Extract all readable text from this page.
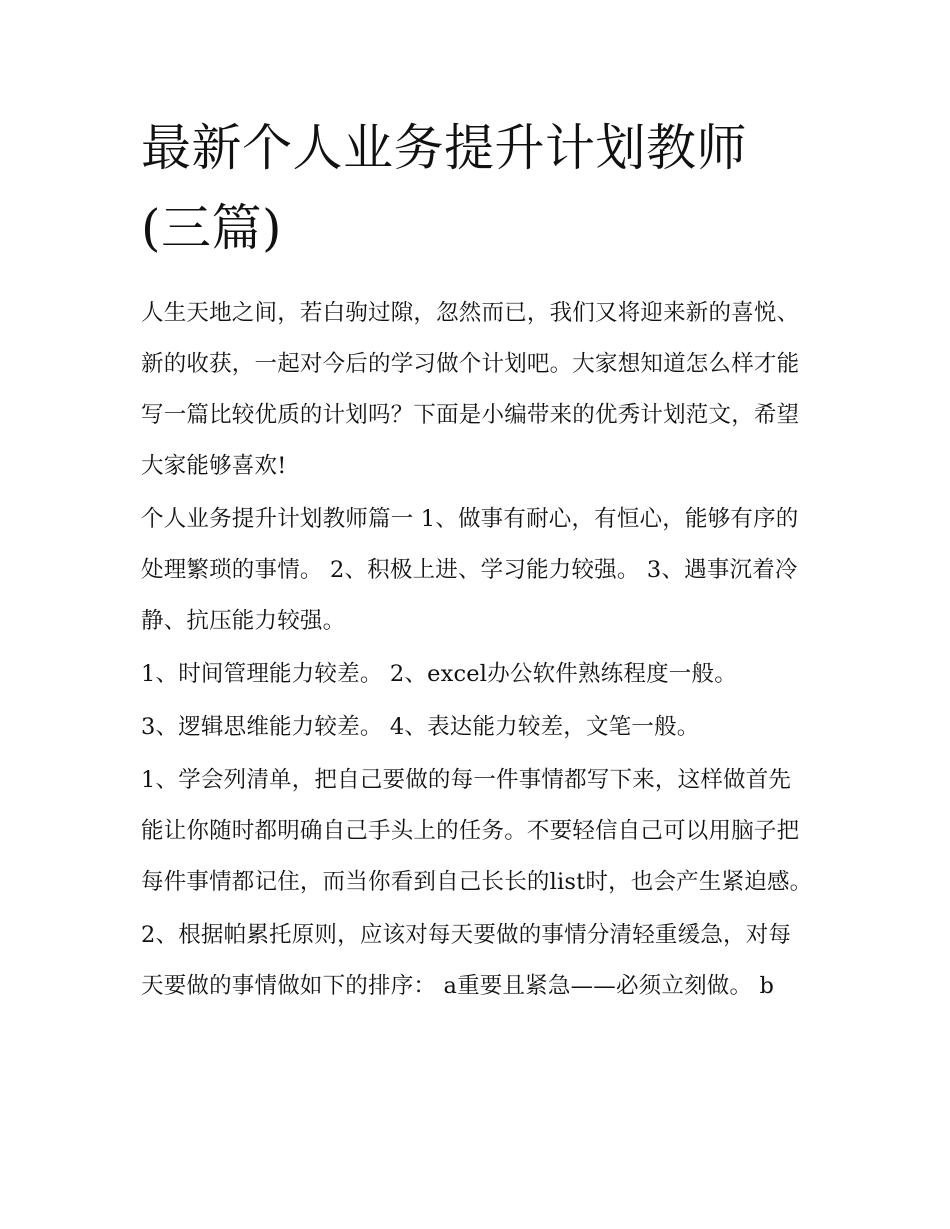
最新个人业务提升计划教师(三篇)

人生天地之间，若白驹过隙，忽然而已，我们又将迎来新的喜悦、新的收获，一起对今后的学习做个计划吧。大家想知道怎么样才能写一篇比较优质的计划吗？下面是小编带来的优秀计划范文，希望大家能够喜欢!

个人业务提升计划教师篇一 1、做事有耐心，有恒心，能够有序的处理繁琐的事情。 2、积极上进、学习能力较强。 3、遇事沉着冷静、抗压能力较强。

1、时间管理能力较差。 2、excel办公软件熟练程度一般。

3、逻辑思维能力较差。 4、表达能力较差，文笔一般。

1、学会列清单，把自己要做的每一件事情都写下来，这样做首先能让你随时都明确自己手头上的任务。不要轻信自己可以用脑子把每件事情都记住，而当你看到自己长长的list时，也会产生紧迫感。

2、根据帕累托原则，应该对每天要做的事情分清轻重缓急，对每天要做的事情做如下的排序： a重要且紧急——必须立刻做。 b
